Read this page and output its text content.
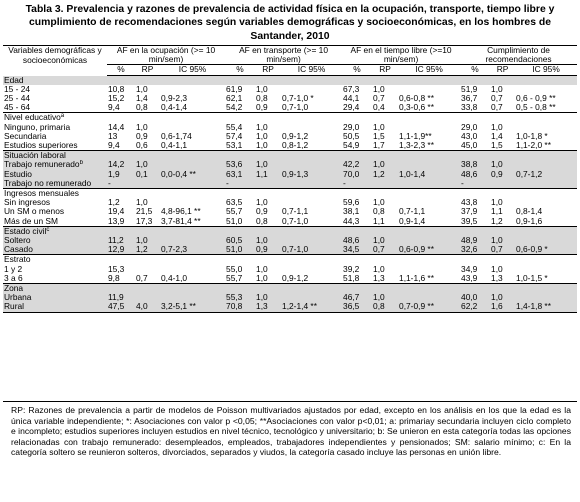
Tabla 3. Prevalencia y razones de prevalencia de actividad física en la ocupación, transporte, tiempo libre y cumplimiento de recomendaciones según variables demográficas y socioeconómicas, en los hombres de Santander, 2010
Variables demográficas y socioeconómicas	AF en la ocupación (>= 10 min/sem)			AF en transporte (>= 10 min/sem)			AF en el tiempo libre (>=10 min/sem)			Cumplimiento de recomendaciones		
	%	RP	IC 95%	%	RP	IC 95%	%	RP	IC 95%	%	RP	IC 95%
Edad												
15 - 24	10,8	1,0		61,9	1,0		67,3	1,0		51,9	1,0	
25 - 44	15,2	1,4	0,9-2,3	62,1	0,8	0,7-1,0 *	44,1	0,7	0,6-0,8 **	36,7	0,7	0,6 - 0,9 **
45 - 64	9,4	0,8	0,4-1,4	54,2	0,9	0,7-1,0	29,4	0,4	0,3-0,6 **	33,8	0,7	0,5 - 0,8 **
Nivel educativo$^a$
Ninguno, primaria	14,4	1,0		55,4	1,0		29,0	1,0		29,0	1,0	
Secundaria	13	0,9	0,6-1,74	57,4	1,0	0,9-1,2	50,5	1,5	1,1-1,9**	43,0	1,4	1,0-1,8 *
Estudios superiores	9,4	0,6	0,4-1,1	53,1	1,0	0,8-1,2	54,9	1,7	1,3-2,3 **	45,0	1,5	1,1-2,0 **
Situación laboral												
Trabajo remunerado$^b$	14,2	1,0		53,6	1,0		42,2	1,0		38,8	1,0	
Estudio	1,9	0,1	0,0-0,4 **	63,1	1,1	0,9-1,3	70,0	1,2	1,0-1,4	48,6	0,9	0,7-1,2
Trabajo no remunerado	-			-			-			-		
Ingresos mensuales												
Sin ingresos	1,2	1,0		63,5	1,0		59,6	1,0		43,8	1,0	
Un SM o menos	19,4	21,5	4,8-96,1 **	55,7	0,9	0,7-1,1	38,1	0,8	0,7-1,1	37,9	1,1	0,8-1,4
Más de un SM	13,9	17,3	3,7-81,4 **	51,0	0,8	0,7-1,0	44,3	1,1	0,9-1,4	39,5	1,2	0,9-1,6
Estado civil$^c$
Soltero	11,2	1,0		60,5	1,0		48,6	1,0		48,9	1,0	
Casado	12,9	1,2	0,7-2,3	51,0	0,9	0,7-1,0	34,5	0,7	0,6-0,9 **	32,6	0,7	0,6-0,9 *
Estrato												
1 y 2	15,3			55,0	1,0		39,2	1,0		34,9	1,0	
3 a 6	9,8	0,7	0,4-1,0	55,7	1,0	0,9-1,2	51,8	1,3	1,1-1,6 **	43,9	1,3	1,0-1,5 *
Zona												
Urbana	11,9			55,3	1,0		46,7	1,0		40,0	1,0	
Rural	47,5	4,0	3,2-5,1 **	70,8	1,3	1,2-1,4 **	36,5	0,8	0,7-0,9 **	62,2	1,6	1,4-1,8 **
RP: Razones de prevalencia a partir de modelos de Poisson multivariados ajustados por edad, excepto en los análisis en los que la edad es la única variable independiente; *: Asociaciones con valor p <0,05; **Asociaciones con valor p<0,01; a: primariay secundaria incluyen ciclo completo e incompleto; estudios superiores incluyen estudios en nivel técnico, tecnológico y universitario; b: Se unieron en esta categoría todas las opciones relacionadas con trabajo remunerado: desempleados, empleados, trabajadores independientes y pensionados; SM: salario mínimo; c: En la categoría soltero se reunieron solteros, divorciados, separados y viudos, la categoría casado incluye las personas en unión libre.
